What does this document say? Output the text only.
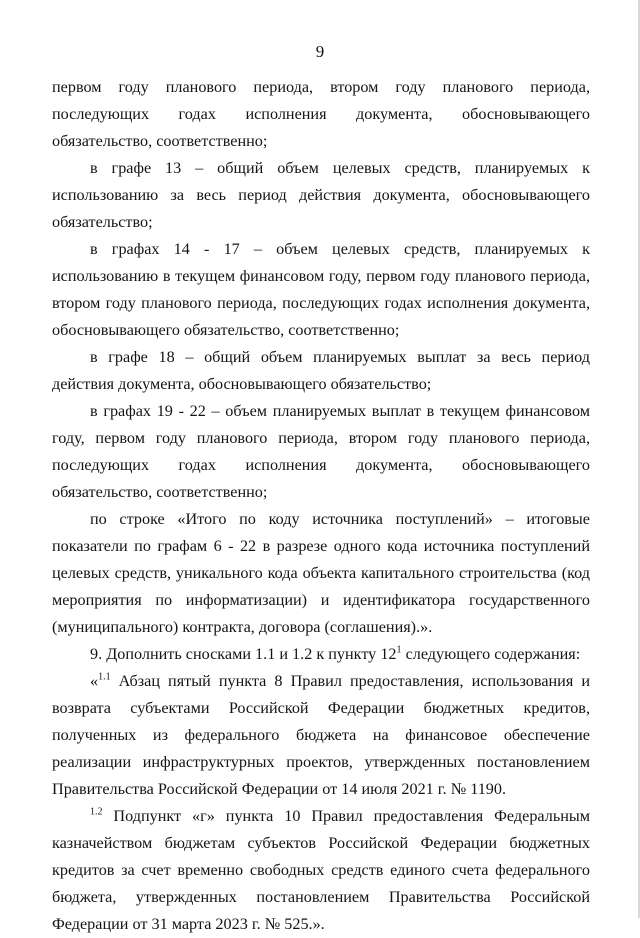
9

первом году планового периода, втором году планового периода, последующих годах исполнения документа, обосновывающего обязательство, соответственно;

в графе 13 – общий объем целевых средств, планируемых к использованию за весь период действия документа, обосновывающего обязательство;

в графах 14 - 17 – объем целевых средств, планируемых к использованию в текущем финансовом году, первом году планового периода, втором году планового периода, последующих годах исполнения документа, обосновывающего обязательство, соответственно;

в графе 18 – общий объем планируемых выплат за весь период действия документа, обосновывающего обязательство;

в графах 19 - 22 – объем планируемых выплат в текущем финансовом году, первом году планового периода, втором году планового периода, последующих годах исполнения документа, обосновывающего обязательство, соответственно;

по строке «Итого по коду источника поступлений» – итоговые показатели по графам 6 - 22 в разрезе одного кода источника поступлений целевых средств, уникального кода объекта капитального строительства (код мероприятия по информатизации) и идентификатора государственного (муниципального) контракта, договора (соглашения).».

9. Дополнить сносками 1.1 и 1.2 к пункту $12^1$ следующего содержания:

«$^{1.1}$ Абзац пятый пункта 8 Правил предоставления, использования и возврата субъектами Российской Федерации бюджетных кредитов, полученных из федерального бюджета на финансовое обеспечение реализации инфраструктурных проектов, утвержденных постановлением Правительства Российской Федерации от 14 июля 2021 г. № 1190.

$^{1.2}$ Подпункт «г» пункта 10 Правил предоставления Федеральным казначейством бюджетам субъектов Российской Федерации бюджетных кредитов за счет временно свободных средств единого счета федерального бюджета, утвержденных постановлением Правительства Российской Федерации от 31 марта 2023 г. № 525.».
